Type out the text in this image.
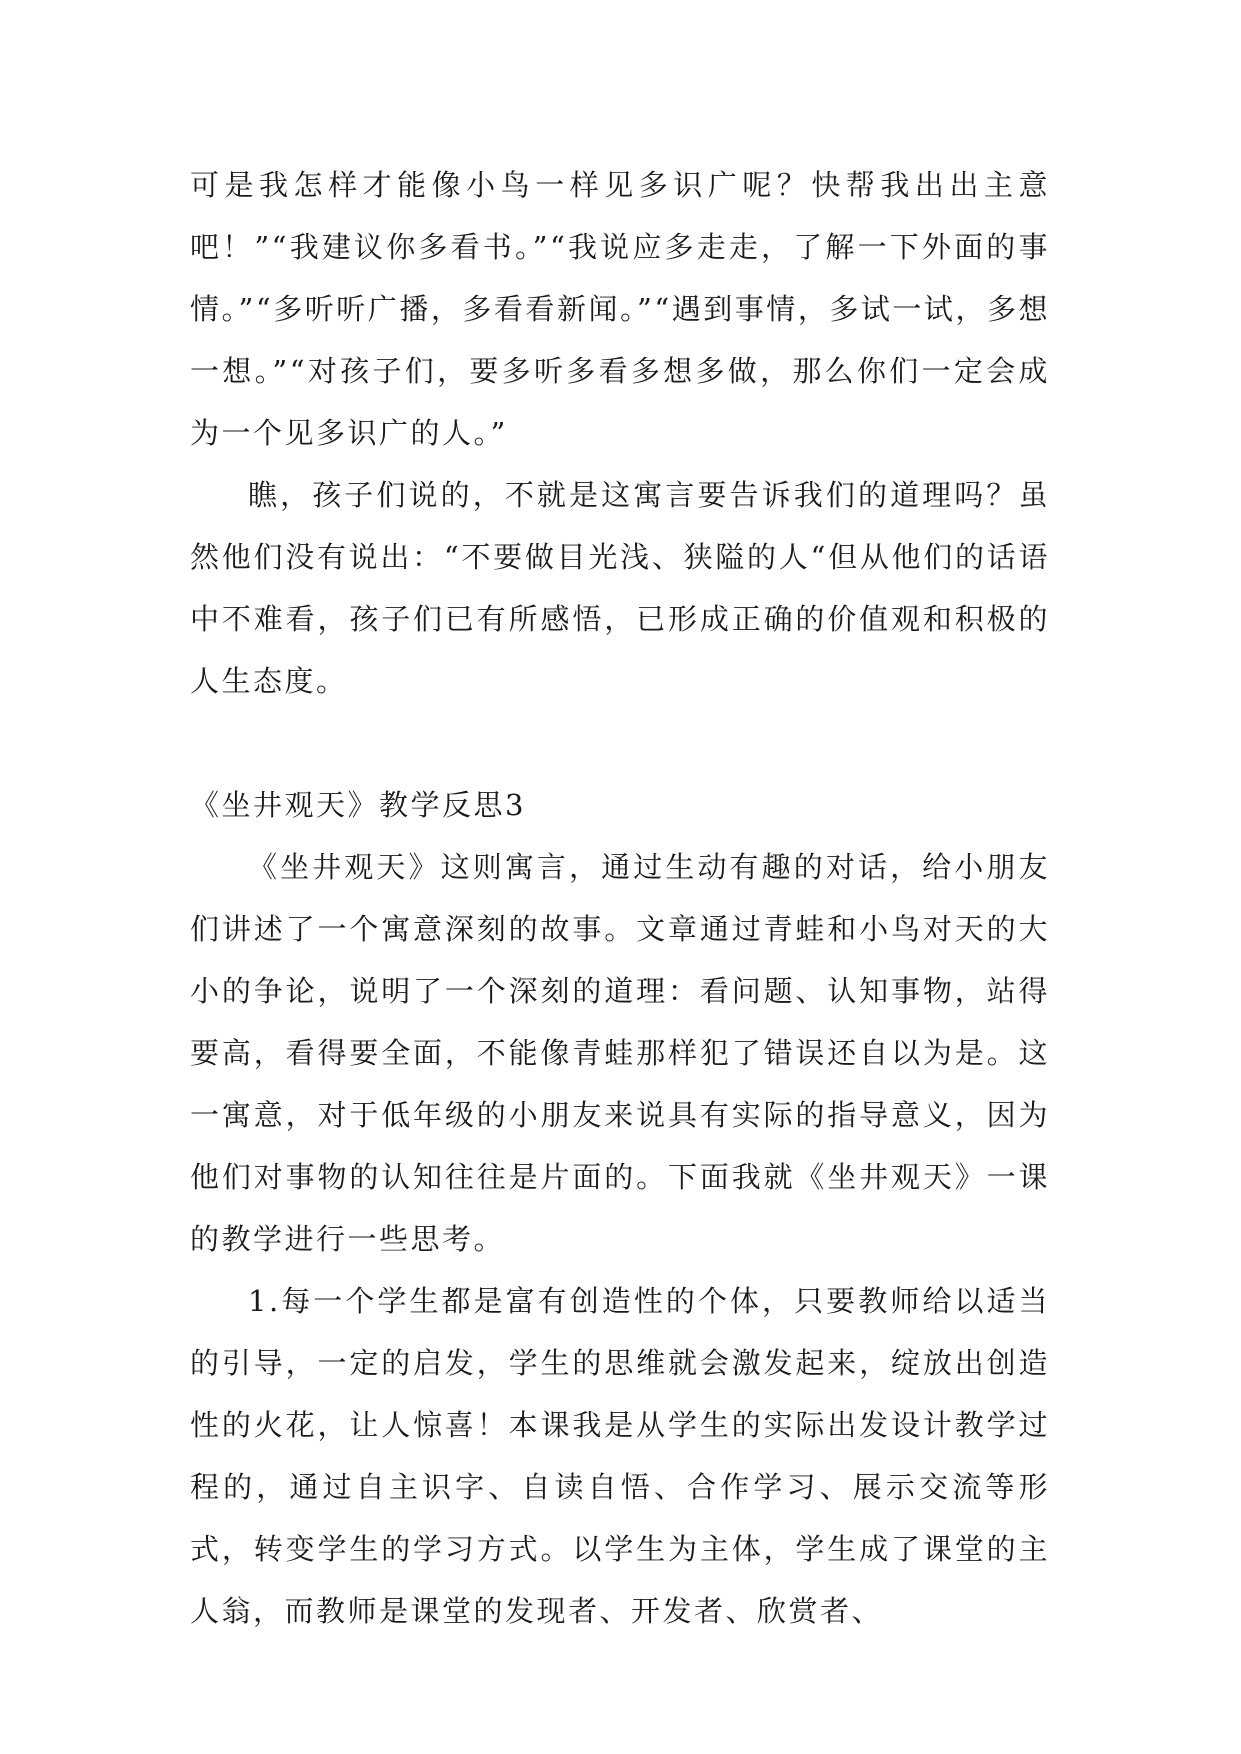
可是我怎样才能像小鸟一样见多识广呢？快帮我出出主意吧！”“我建议你多看书。”“我说应多走走，了解一下外面的事情。”“多听听广播，多看看新闻。”“遇到事情，多试一试，多想一想。”“对孩子们，要多听多看多想多做，那么你们一定会成为一个见多识广的人。”

瞧，孩子们说的，不就是这寓言要告诉我们的道理吗？虽然他们没有说出：“不要做目光浅、狭隘的人“但从他们的话语中不难看，孩子们已有所感悟，已形成正确的价值观和积极的人生态度。

《坐井观天》教学反思3

《坐井观天》这则寓言，通过生动有趣的对话，给小朋友们讲述了一个寓意深刻的故事。文章通过青蛙和小鸟对天的大小的争论，说明了一个深刻的道理：看问题、认知事物，站得要高，看得要全面，不能像青蛙那样犯了错误还自以为是。这一寓意，对于低年级的小朋友来说具有实际的指导意义，因为他们对事物的认知往往是片面的。下面我就《坐井观天》一课的教学进行一些思考。

1.每一个学生都是富有创造性的个体，只要教师给以适当的引导，一定的启发，学生的思维就会激发起来，绽放出创造性的火花，让人惊喜！本课我是从学生的实际出发设计教学过程的，通过自主识字、自读自悟、合作学习、展示交流等形式，转变学生的学习方式。以学生为主体，学生成了课堂的主人翁，而教师是课堂的发现者、开发者、欣赏者、
